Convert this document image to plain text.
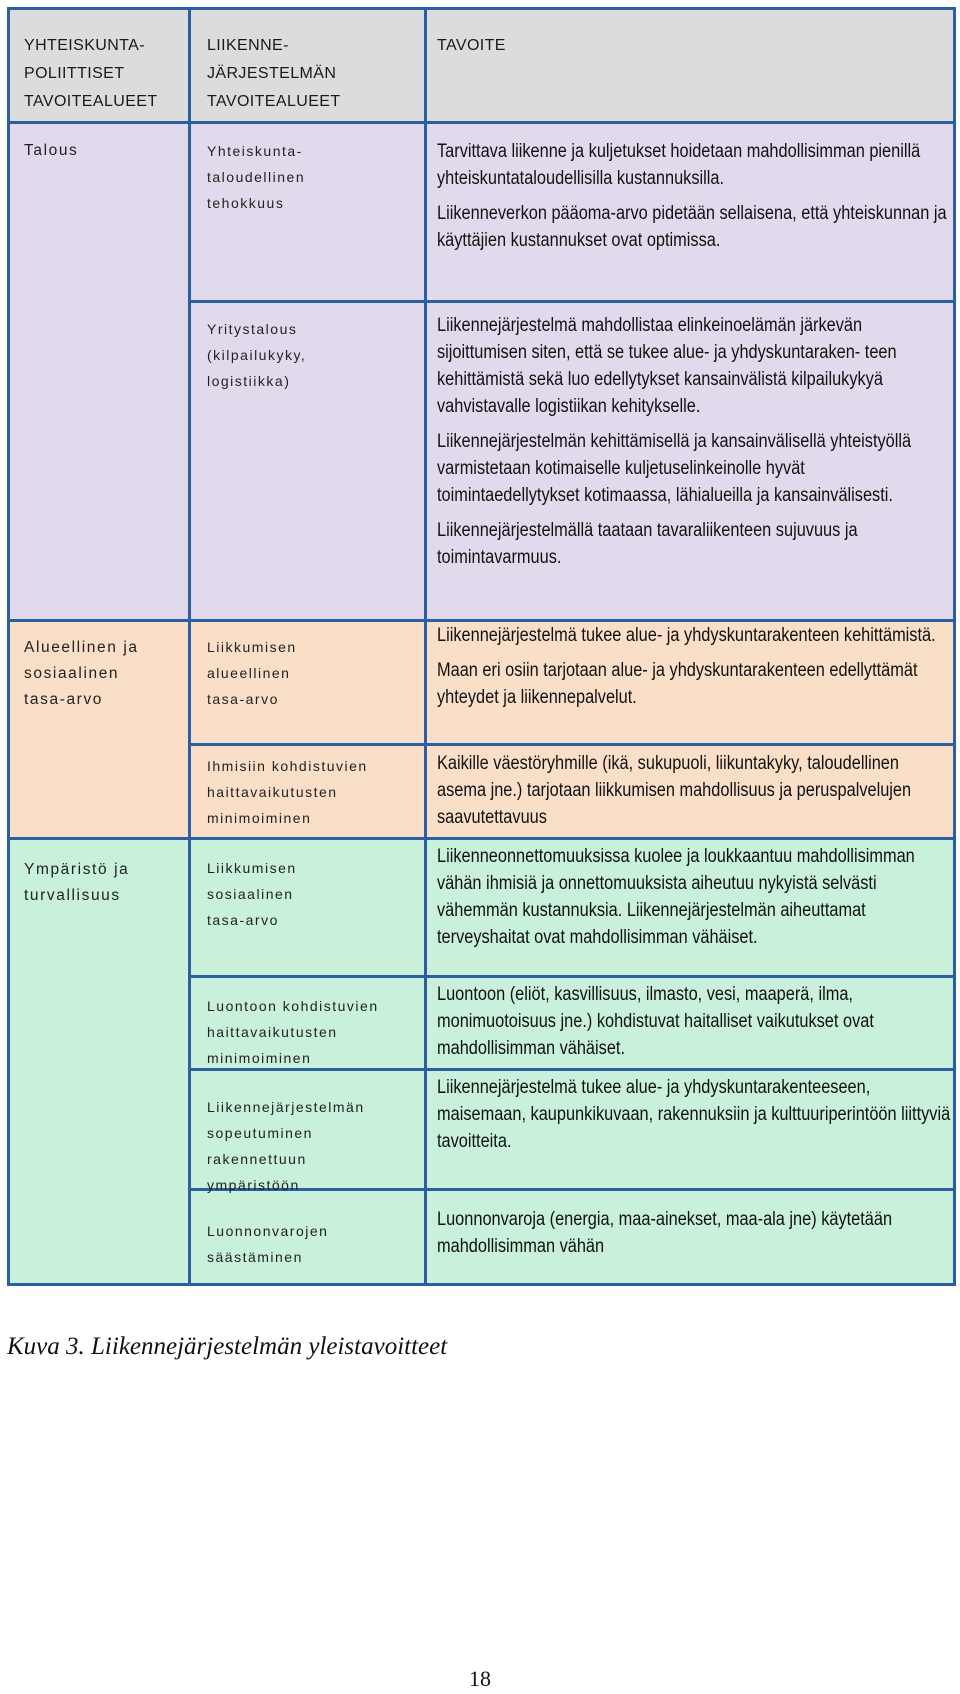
YHTEISKUNTA-
POLIITTISET
TAVOITEALUEET
LIIKENNE-
JÄRJESTELMÄN
TAVOITEALUEET
TAVOITE
Talous
Alueellinen ja
sosiaalinen
tasa-arvo
Ympäristö ja
turvallisuus
Yhteiskunta-
taloudellinen
tehokkuus
Yritystalous
(kilpailukyky,
logistiikka)
Liikkumisen
alueellinen
tasa-arvo
Ihmisiin kohdistuvien
haittavaikutusten
minimoiminen
Liikkumisen
sosiaalinen
tasa-arvo
Luontoon kohdistuvien
haittavaikutusten
minimoiminen
Liikennejärjestelmän
sopeutuminen
rakennettuun
ympäristöön
Luonnonvarojen
säästäminen

Tarvittava liikenne ja kuljetukset hoidetaan mahdollisimman pienillä yhteiskuntataloudellisilla kustannuksilla.

Liikenneverkon pääoma-arvo pidetään sellaisena, että yhteiskunnan ja käyttäjien kustannukset ovat optimissa.

Liikennejärjestelmä mahdollistaa elinkeinoelämän järkevän sijoittumisen siten, että se tukee alue- ja yhdyskuntaraken- teen kehittämistä sekä luo edellytykset kansainvälistä kilpailukykyä vahvistavalle logistiikan kehitykselle.

Liikennejärjestelmän kehittämisellä ja kansainvälisellä yhteistyöllä varmistetaan kotimaiselle kuljetuselinkeinolle hyvät toimintaedellytykset kotimaassa, lähialueilla ja kansainvälisesti.

Liikennejärjestelmällä taataan tavaraliikenteen sujuvuus ja toimintavarmuus.

Liikennejärjestelmä tukee alue- ja yhdyskuntarakenteen kehittämistä.

Maan eri osiin tarjotaan alue- ja yhdyskuntarakenteen edellyttämät yhteydet ja liikennepalvelut.

Kaikille väestöryhmille (ikä, sukupuoli, liikuntakyky, taloudellinen asema jne.) tarjotaan liikkumisen mahdollisuus ja peruspalvelujen saavutettavuus

Liikenneonnettomuuksissa kuolee ja loukkaantuu mahdollisimman vähän ihmisiä ja onnettomuuksista aiheutuu nykyistä selvästi vähemmän kustannuksia. Liikennejärjestelmän aiheuttamat terveyshaitat ovat mahdollisimman vähäiset.

Luontoon (eliöt, kasvillisuus, ilmasto, vesi, maaperä, ilma, monimuotoisuus jne.) kohdistuvat haitalliset vaikutukset ovat mahdollisimman vähäiset.

Liikennejärjestelmä tukee alue- ja yhdyskuntarakenteeseen, maisemaan, kaupunkikuvaan, rakennuksiin ja kulttuuriperintöön liittyviä tavoitteita.

Luonnonvaroja (energia, maa-ainekset, maa-ala jne) käytetään mahdollisimman vähän

Kuva 3. Liikennejärjestelmän yleistavoitteet
18
